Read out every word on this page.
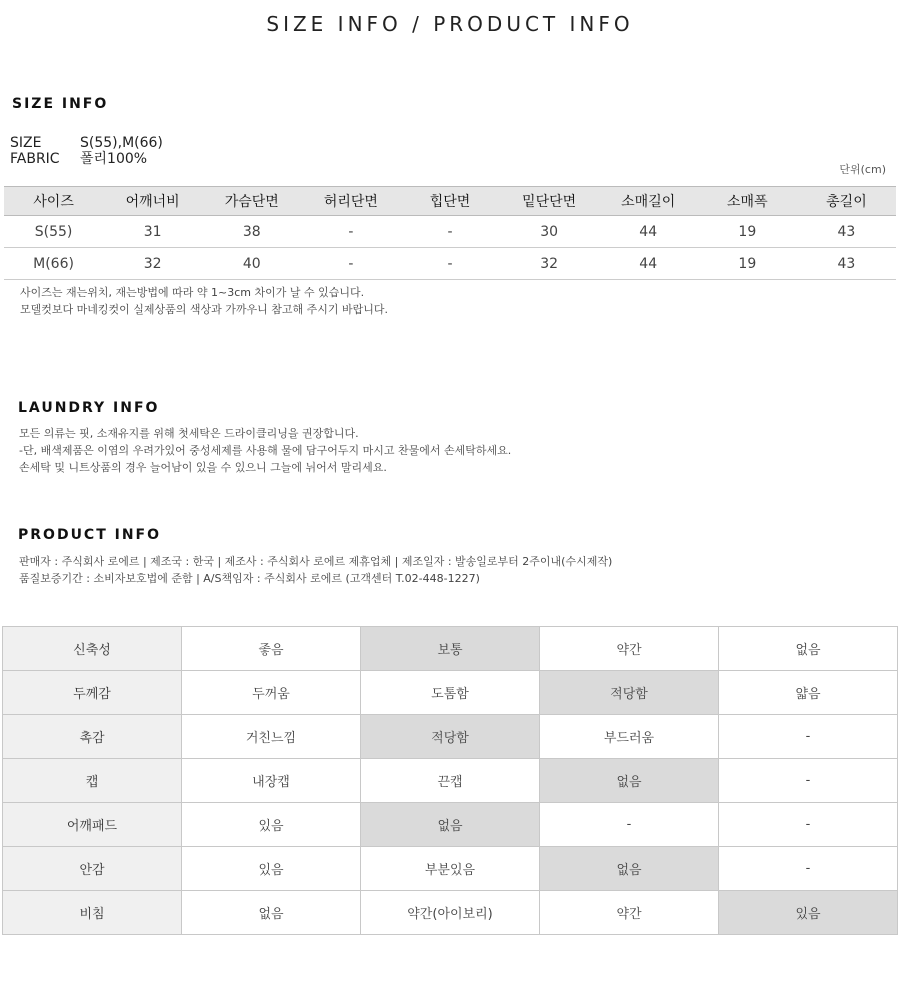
SIZE INFO / PRODUCT INFO
SIZE INFO
SIZE	S(55),M(66)
FABRIC 폴리100%
단위(cm)
사이즈	어깨너비	가슴단면	허리단면	힙단면	밑단단면	소매길이	소매폭	총길이
S(55)	31	38	-	-	30	44	19	43
M(66)	32	40	-	-	32	44	19	43
사이즈는 재는위치, 재는방법에 따라 약 1~3cm 차이가 날 수 있습니다.
모델컷보다 마네킹컷이 실제상품의 색상과 가까우니 참고해 주시기 바랍니다.
LAUNDRY INFO
모든 의류는 핏, 소재유지를 위해 첫세탁은 드라이클리닝을 권장합니다.
-단, 배색제품은 이염의 우려가있어 중성세제를 사용해 물에 담구어두지 마시고 찬물에서 손세탁하세요.
손세탁 및 니트상품의 경우 늘어남이 있을 수 있으니 그늘에 뉘어서 말리세요.
PRODUCT INFO
판매자 : 주식회사 로에르 | 제조국 : 한국 | 제조사 : 주식회사 로에르 제휴업체 | 제조일자 : 발송일로부터 2주이내(수시제작)
품질보증기간 : 소비자보호법에 준함 | A/S책임자 : 주식회사 로에르 (고객센터 T.02-448-1227)
신축성	좋음	보통	약간	없음
두께감	두꺼움	도톰함	적당함	얇음
촉감	거친느낌	적당함	부드러움	-
캡	내장캡	끈캡	없음	-
어깨패드	있음	없음	-	-
안감	있음	부분있음	없음	-
비침	없음	약간(아이보리)	약간	있음
